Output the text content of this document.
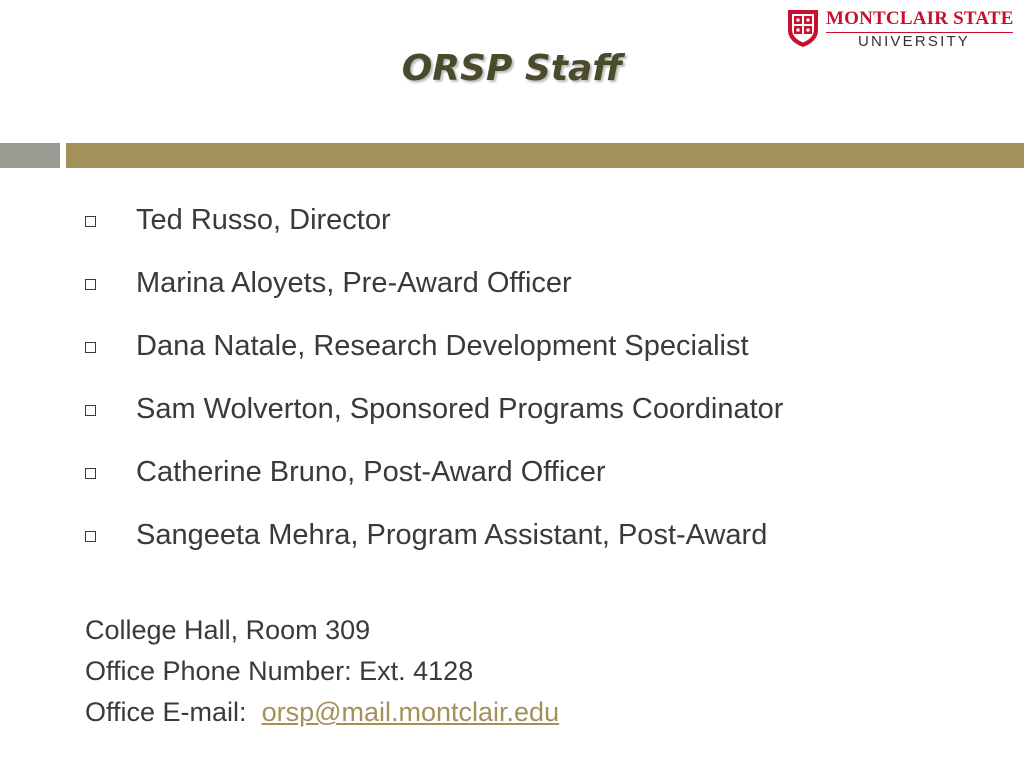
MONTCLAIR STATE
UNIVERSITY
ORSP Staff
Ted Russo, Director
Marina Aloyets, Pre-Award Officer
Dana Natale, Research Development Specialist
Sam Wolverton, Sponsored Programs Coordinator
Catherine Bruno, Post-Award Officer
Sangeeta Mehra, Program Assistant, Post-Award
College Hall, Room 309
Office Phone Number: Ext. 4128
Office E-mail: orsp@mail.montclair.edu
